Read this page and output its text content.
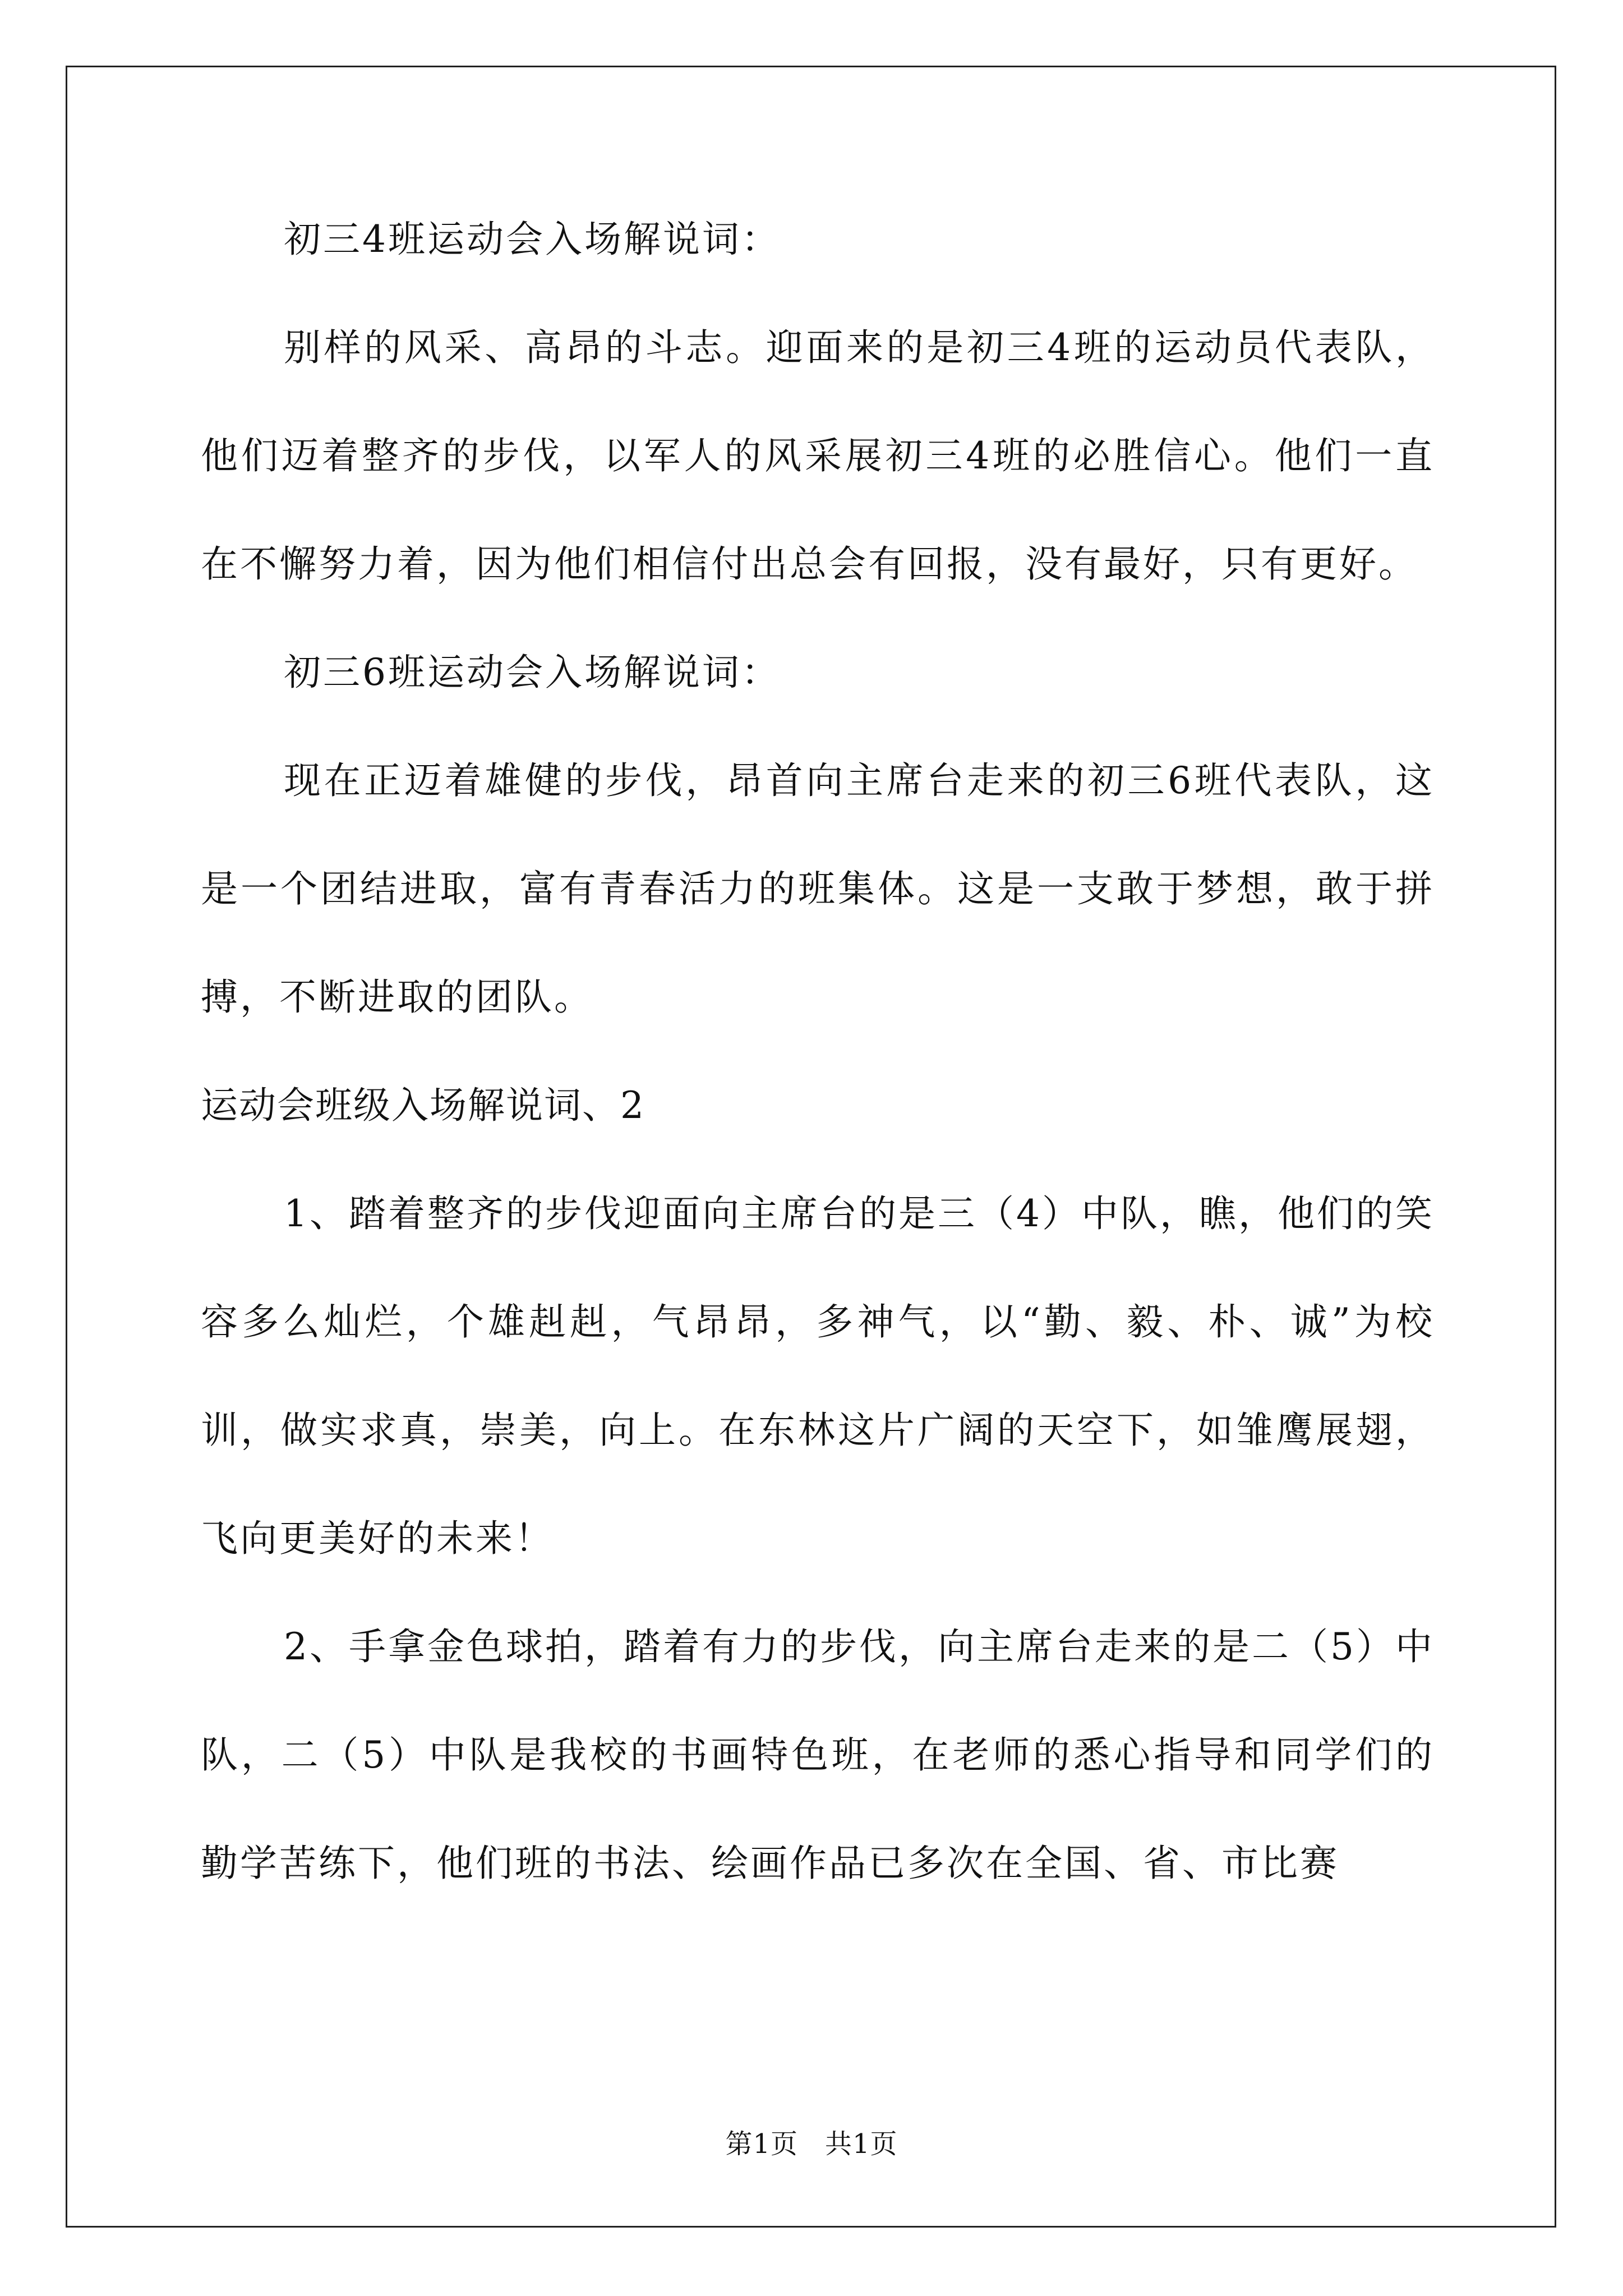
初三4班运动会入场解说词：

别样的风采、高昂的斗志。迎面来的是初三4班的运动员代表队，他们迈着整齐的步伐，以军人的风采展初三4班的必胜信心。他们一直在不懈努力着，因为他们相信付出总会有回报，没有最好，只有更好。

初三6班运动会入场解说词：

现在正迈着雄健的步伐，昂首向主席台走来的初三6班代表队，这是一个团结进取，富有青春活力的班集体。这是一支敢于梦想，敢于拼搏，不断进取的团队。

运动会班级入场解说词、2

1、踏着整齐的步伐迎面向主席台的是三（4）中队，瞧，他们的笑容多么灿烂，个雄赳赳，气昂昂，多神气，以“勤、毅、朴、诚”为校训，做实求真，崇美，向上。在东林这片广阔的天空下，如雏鹰展翅，飞向更美好的未来！

2、手拿金色球拍，踏着有力的步伐，向主席台走来的是二（5）中队，二（5）中队是我校的书画特色班，在老师的悉心指导和同学们的勤学苦练下，他们班的书法、绘画作品已多次在全国、省、市比赛

第1页 共1页
